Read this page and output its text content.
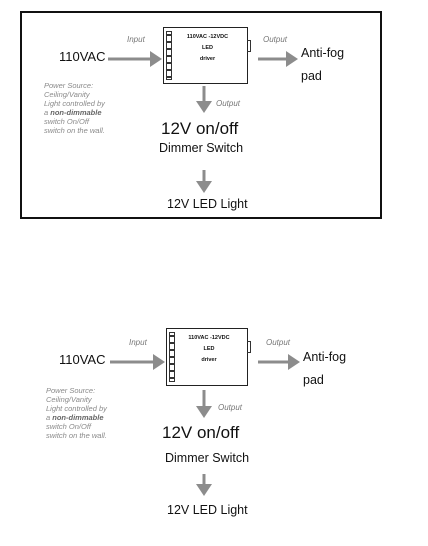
110VAC
Input	Output
Output
110VAC -12VDC
LED
driver	Anti-fog
pad
Power Source:
Ceiling/Vanity
Light controlled by
a non-dimmable
switch On/Off
switch on the wall.	12V on/off
Dimmer Switch
12V LED Light
110VAC
Input	Output
Output
110VAC -12VDC
LED
driver	Anti-fog
pad
Power Source:
Ceiling/Vanity
Light controlled by
a non-dimmable
switch On/Off
switch on the wall.	12V on/off
Dimmer Switch
12V LED Light
